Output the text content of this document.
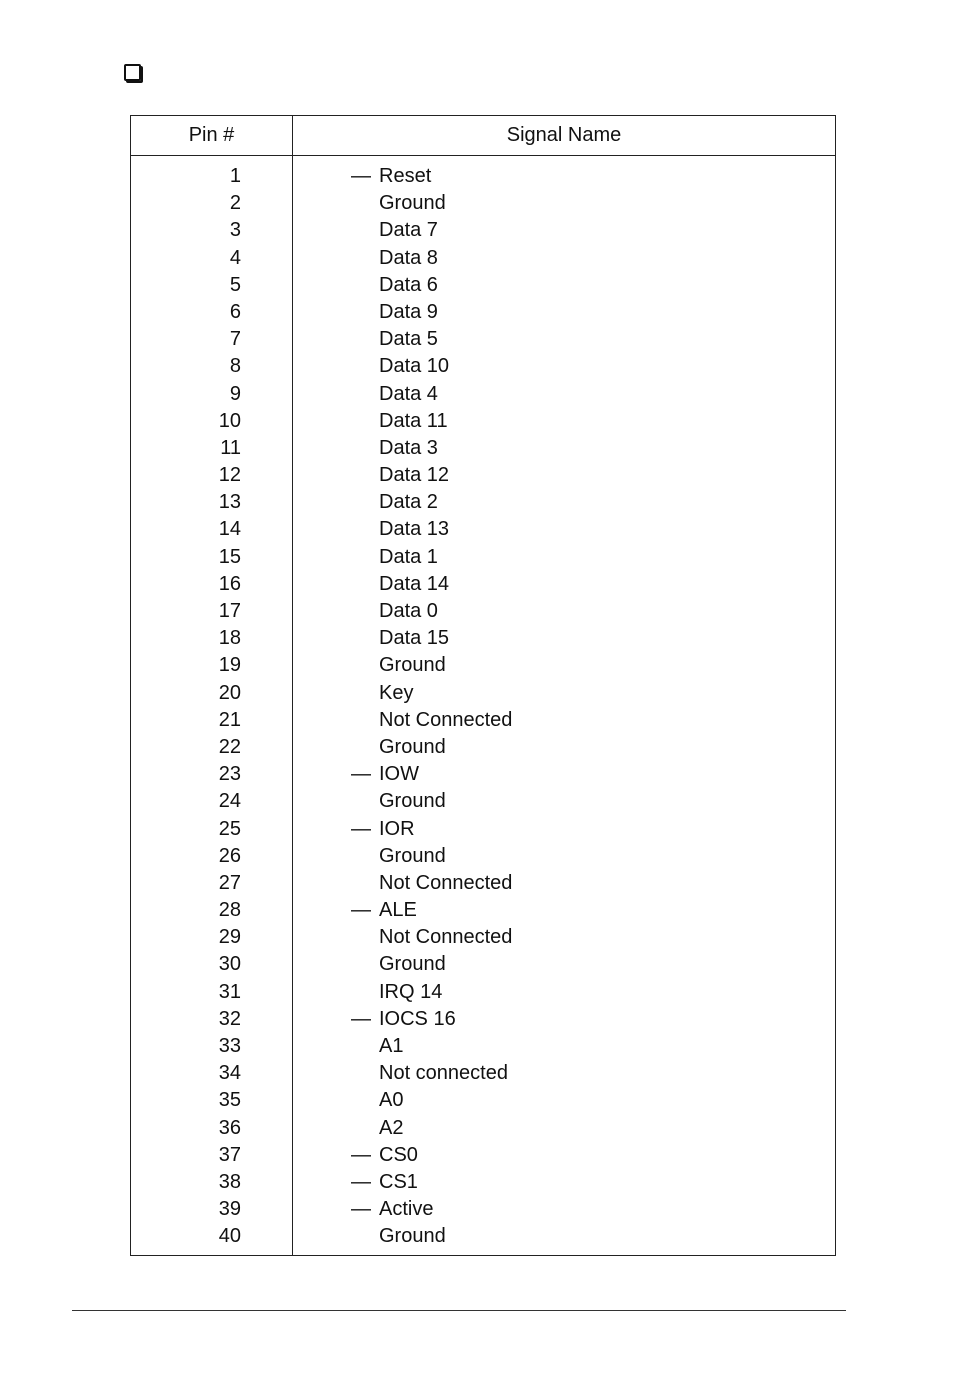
Pin #	Signal Name
1	— Reset
2	Ground
3	Data 7
4	Data 8
5	Data 6
6	Data 9
7	Data 5
8	Data 10
9	Data 4
10	Data 11
11	Data 3
12	Data 12
13	Data 2
14	Data 13
15	Data 1
16	Data 14
17	Data 0
18	Data 15
19	Ground
20	Key
21	Not Connected
22	Ground
23	— IOW
24	Ground
25	— IOR
26	Ground
27	Not Connected
28	— ALE
29	Not Connected
30	Ground
31	IRQ 14
32	— IOCS 16
33	A1
34	Not connected
35	A0
36	A2
37	— CS0
38	— CS1
39	— Active
40	Ground
